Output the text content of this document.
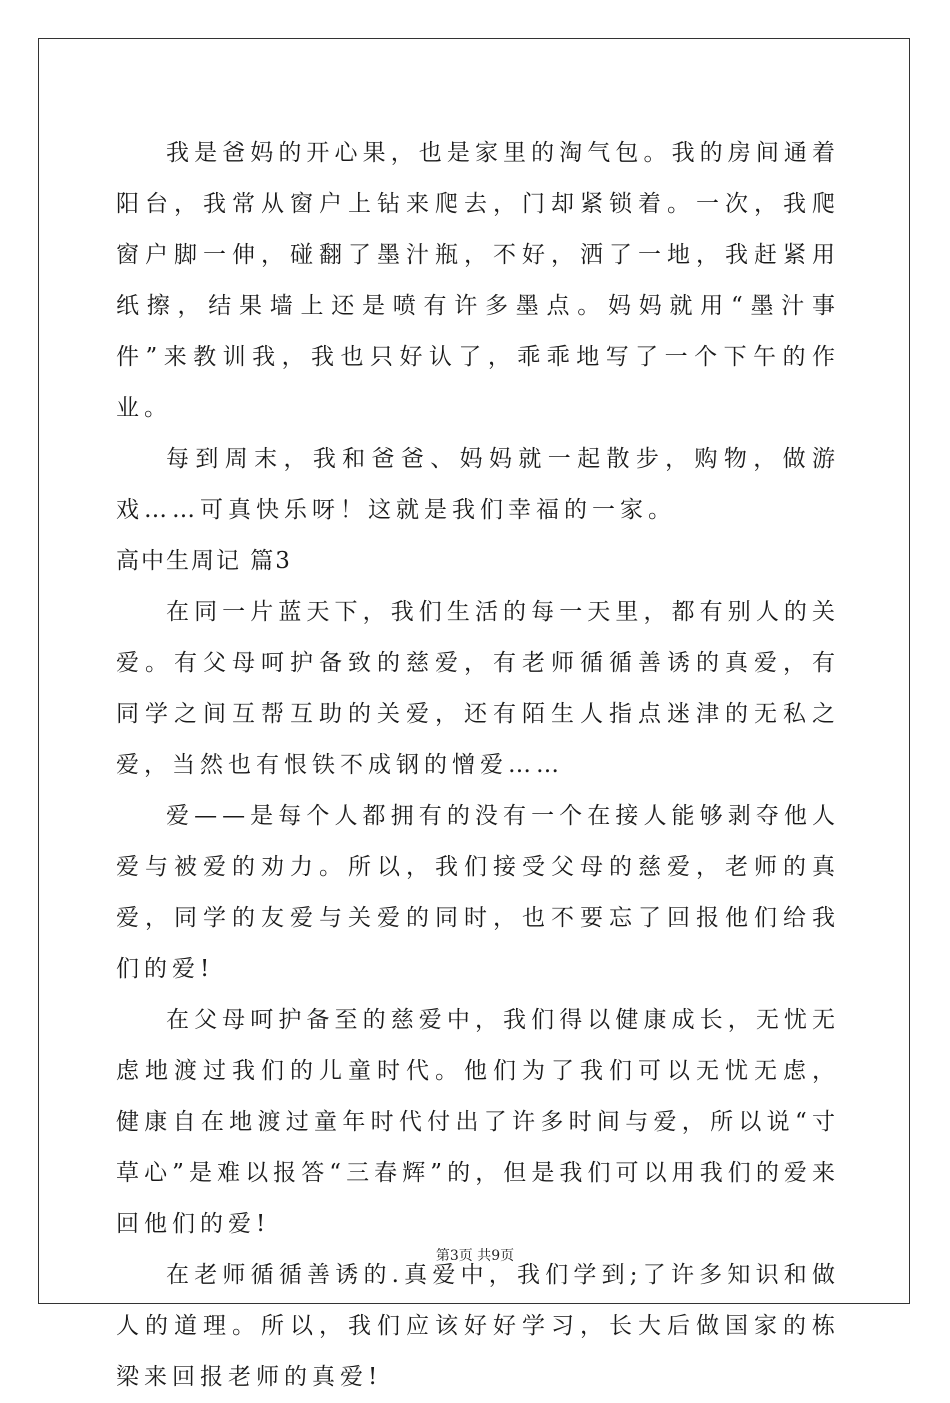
我是爸妈的开心果，也是家里的淘气包。我的房间通着阳台，我常从窗户上钻来爬去，门却紧锁着。一次，我爬窗户脚一伸，碰翻了墨汁瓶，不好，洒了一地，我赶紧用纸擦，结果墙上还是喷有许多墨点。妈妈就用“墨汁事件”来教训我，我也只好认了，乖乖地写了一个下午的作业。

每到周末，我和爸爸、妈妈就一起散步，购物，做游戏……可真快乐呀！这就是我们幸福的一家。

高中生周记 篇3

在同一片蓝天下，我们生活的每一天里，都有别人的关爱。有父母呵护备致的慈爱，有老师循循善诱的真爱，有同学之间互帮互助的关爱，还有陌生人指点迷津的无私之爱，当然也有恨铁不成钢的憎爱……

爱——是每个人都拥有的没有一个在接人能够剥夺他人爱与被爱的劝力。所以，我们接受父母的慈爱，老师的真爱，同学的友爱与关爱的同时，也不要忘了回报他们给我们的爱!

在父母呵护备至的慈爱中，我们得以健康成长，无忧无虑地渡过我们的儿童时代。他们为了我们可以无忧无虑，健康自在地渡过童年时代付出了许多时间与爱，所以说“寸草心”是难以报答“三春辉”的，但是我们可以用我们的爱来回他们的爱!

在老师循循善诱的.真爱中，我们学到;了许多知识和做人的道理。所以，我们应该好好学习，长大后做国家的栋梁来回报老师的真爱!

第3页 共9页
